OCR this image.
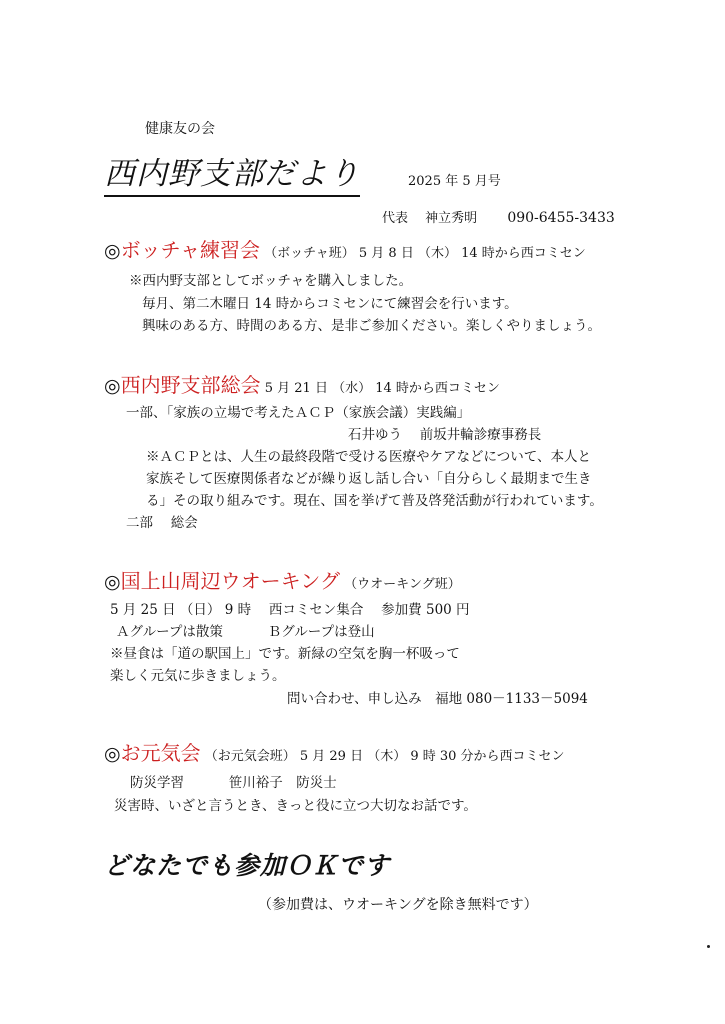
健康友の会
西内野支部だより	2025 年 5 月号
代表　 神立秀明 090-6455-3433
◎ボッチャ練習会 （ボッチャ班） 5 月 8 日 （木） 14 時から西コミセン
※西内野支部としてボッチャを購入しました。
毎月、第二木曜日 14 時からコミセンにて練習会を行います。
興味のある方、時間のある方、是非ご参加ください。楽しくやりましょう。
◎西内野支部総会 5 月 21 日 （水） 14 時から西コミセン
一部、「家族の立場で考えたＡＣＰ（家族会議）実践編」
石井ゆう　 前坂井輪診療事務長
※ＡＣＰとは、人生の最終段階で受ける医療やケアなどについて、本人と
家族そして医療関係者などが繰り返し話し合い「自分らしく最期まで生き
る」その取り組みです。現在、国を挙げて普及啓発活動が行われています。
二部　 総会
◎国上山周辺ウオーキング （ウオーキング班）
5 月 25 日 （日） 9 時　 西コミセン集合　 参加費 500 円
Ａグループは散策　　　 Ｂグループは登山
※昼食は「道の駅国上」です。新緑の空気を胸一杯吸って
楽しく元気に歩きましょう。
問い合わせ、申し込み　福地 080－1133－5094
◎お元気会 （お元気会班） 5 月 29 日 （木） 9 時 30 分から西コミセン
防災学習　　　 笹川裕子　防災士
災害時、いざと言うとき、きっと役に立つ大切なお話です。
どなたでも参加ＯＫです
（参加費は、ウオーキングを除き無料です）
